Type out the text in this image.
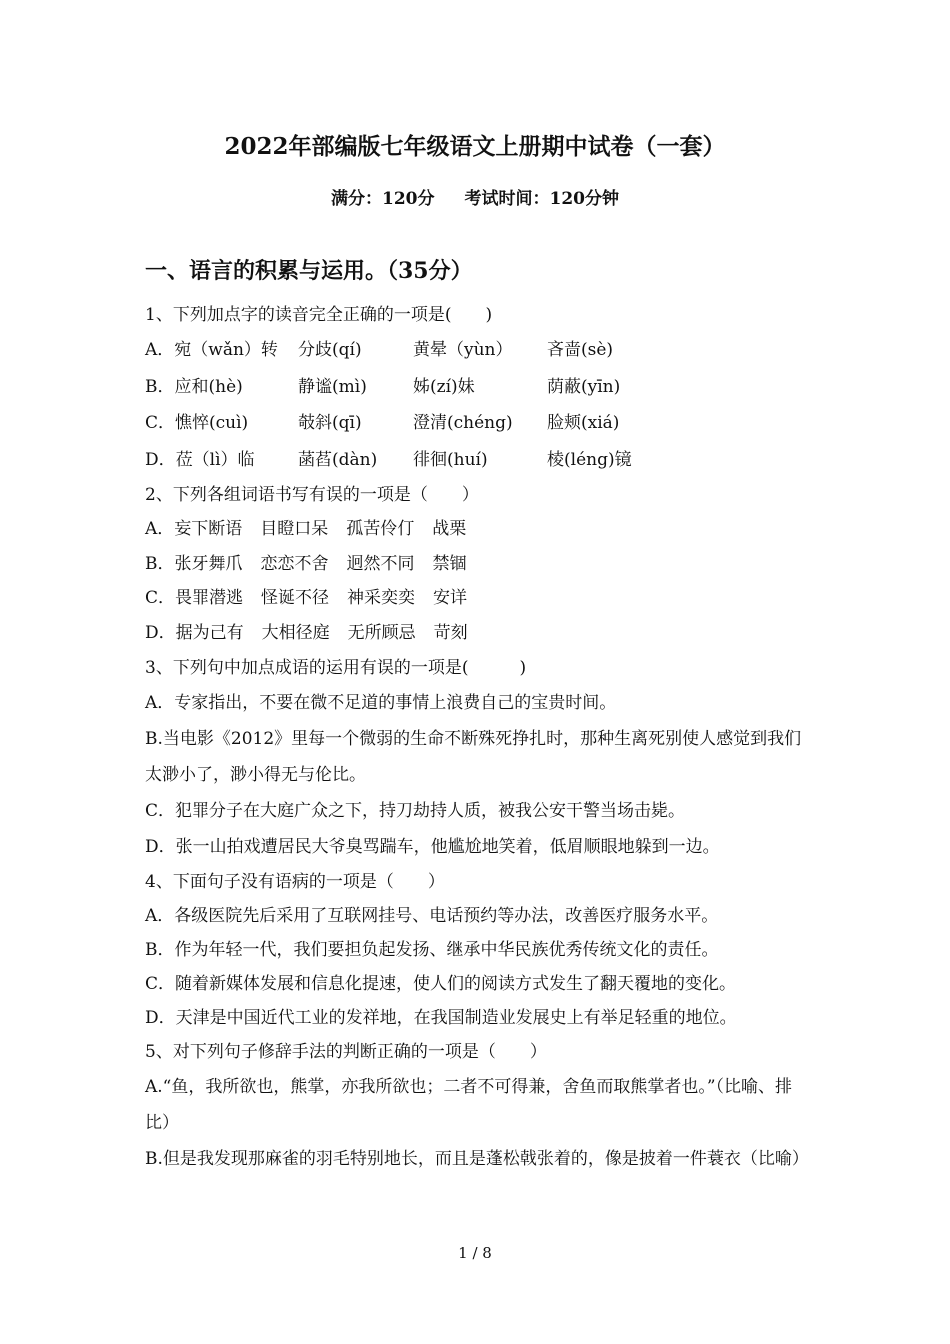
2022年部编版七年级语文上册期中试卷（一套）
满分：120分 考试时间：120分钟
一、语言的积累与运用。（35分）
1、下列加点字的读音完全正确的一项是(　　)
A．宛（wǎn）转	分歧(qí)	黄晕（yùn）	吝啬(sè)
B．应和(hè)	静谧(mì)	姊(zí)妹	荫蔽(yīn)
C．憔悴(cuì)	攲斜(qī)	澄清(chéng)	脸颊(xiá)
D．莅（lì）临	菡萏(dàn)	徘徊(huí)	棱(léng)镜
2、下列各组词语书写有误的一项是（　　）
A．妄下断语 目瞪口呆 孤苦伶仃 战栗
B．张牙舞爪 恋恋不舍 迥然不同 禁锢
C．畏罪潜逃 怪诞不径 神采奕奕 安详
D．据为己有 大相径庭 无所顾忌 苛刻
3、下列句中加点成语的运用有误的一项是(　　　)
A．专家指出，不要在微不足道的事情上浪费自己的宝贵时间。
B.当电影《2012》里每一个微弱的生命不断殊死挣扎时，那种生离死别使人感觉到我们太渺小了，渺小得无与伦比。
C．犯罪分子在大庭广众之下，持刀劫持人质，被我公安干警当场击毙。
D．张一山拍戏遭居民大爷臭骂踹车，他尴尬地笑着，低眉顺眼地躲到一边。
4、下面句子没有语病的一项是（　　）
A．各级医院先后采用了互联网挂号、电话预约等办法，改善医疗服务水平。
B．作为年轻一代，我们要担负起发扬、继承中华民族优秀传统文化的责任。
C．随着新媒体发展和信息化提速，使人们的阅读方式发生了翻天覆地的变化。
D．天津是中国近代工业的发祥地，在我国制造业发展史上有举足轻重的地位。
5、对下列句子修辞手法的判断正确的一项是（　　）
A.“鱼，我所欲也，熊掌，亦我所欲也；二者不可得兼，舍鱼而取熊掌者也。”（比喻、排比）
B.但是我发现那麻雀的羽毛特别地长，而且是蓬松戟张着的，像是披着一件蓑衣（比喻）
1 / 8
